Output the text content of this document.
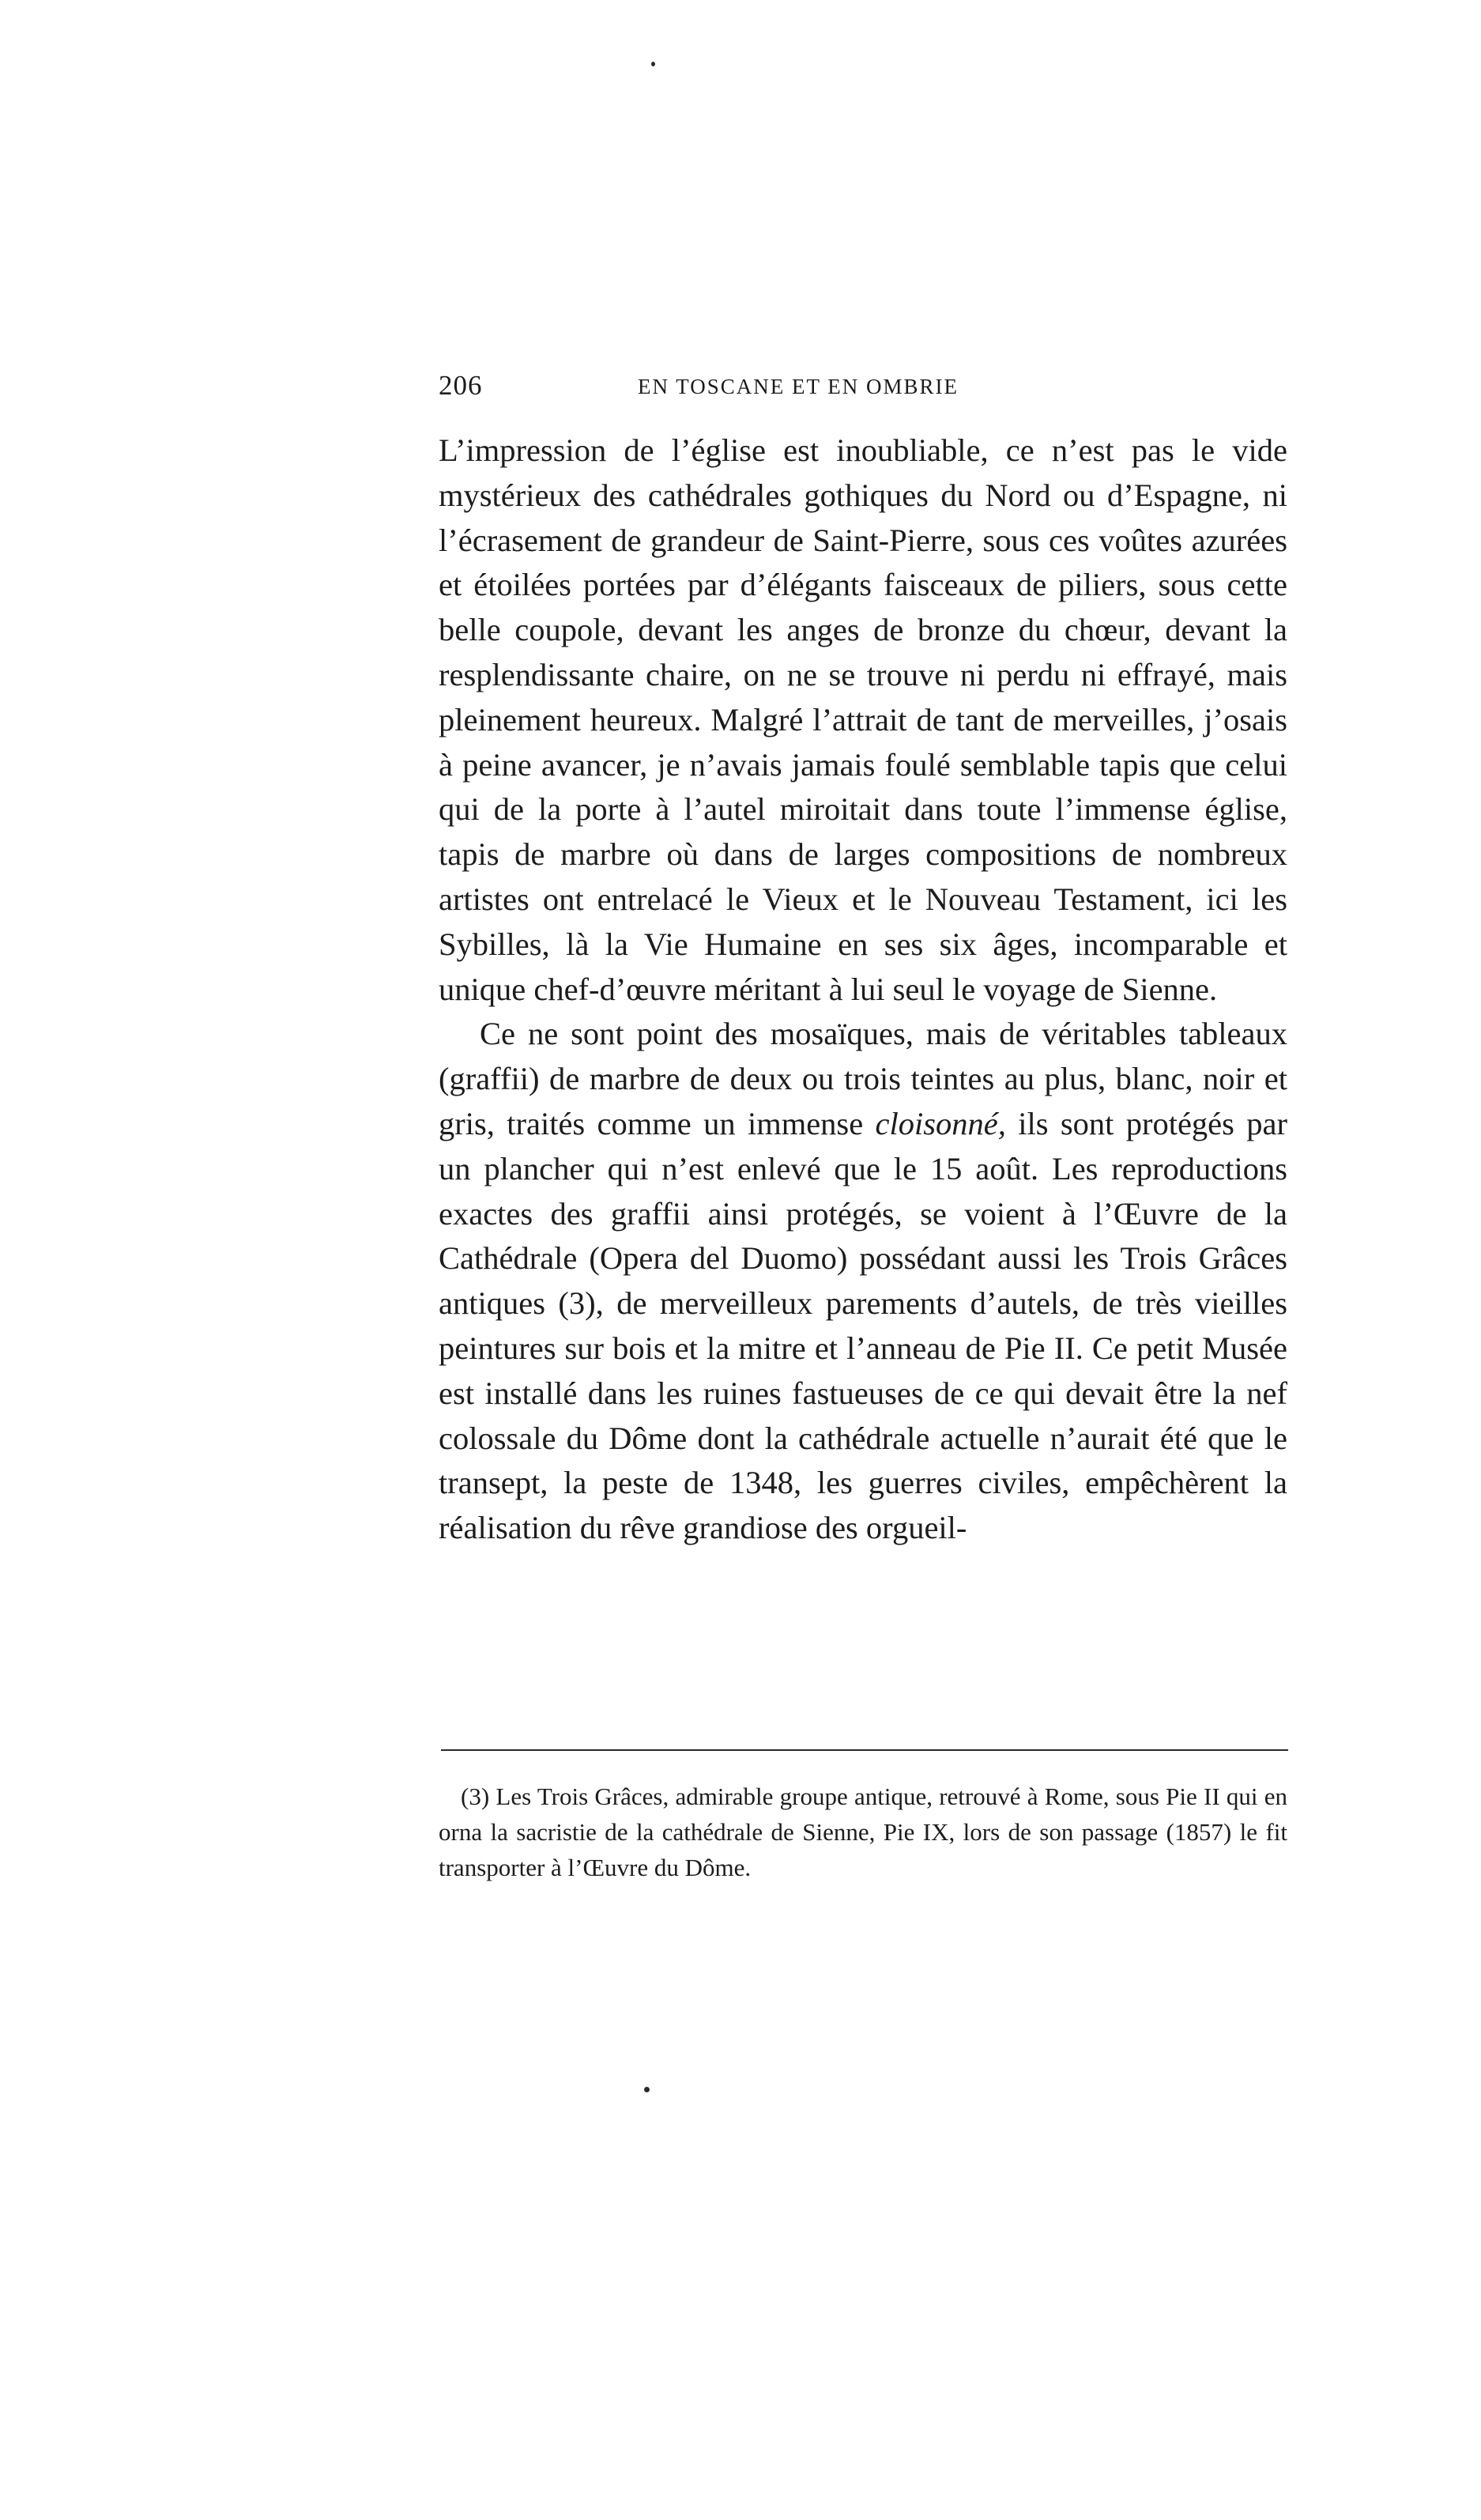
206	EN TOSCANE ET EN OMBRIE

L’impression de l’église est inoubliable, ce n’est pas le vide mystérieux des cathédrales gothiques du Nord ou d’Espagne, ni l’écrasement de grandeur de Saint-Pierre, sous ces voûtes azurées et étoilées portées par d’élégants faisceaux de piliers, sous cette belle coupole, devant les anges de bronze du chœur, devant la resplendissante chaire, on ne se trouve ni perdu ni effrayé, mais pleinement heureux. Malgré l’attrait de tant de merveilles, j’osais à peine avancer, je n’avais jamais foulé semblable tapis que celui qui de la porte à l’autel miroitait dans toute l’immense église, tapis de marbre où dans de larges compositions de nombreux artistes ont entrelacé le Vieux et le Nouveau Testament, ici les Sybilles, là la Vie Humaine en ses six âges, incomparable et unique chef-d’œuvre méritant à lui seul le voyage de Sienne.

Ce ne sont point des mosaïques, mais de véritables tableaux (graffii) de marbre de deux ou trois teintes au plus, blanc, noir et gris, traités comme un immense cloisonné, ils sont protégés par un plancher qui n’est enlevé que le 15 août. Les reproductions exactes des graffii ainsi protégés, se voient à l’Œuvre de la Cathédrale (Opera del Duomo) possédant aussi les Trois Grâces antiques (3), de merveilleux parements d’autels, de très vieilles peintures sur bois et la mitre et l’anneau de Pie II. Ce petit Musée est installé dans les ruines fastueuses de ce qui devait être la nef colossale du Dôme dont la cathédrale actuelle n’aurait été que le transept, la peste de 1348, les guerres civiles, empêchèrent la réalisation du rêve grandiose des orgueil-

(3) Les Trois Grâces, admirable groupe antique, retrouvé à Rome, sous Pie II qui en orna la sacristie de la cathédrale de Sienne, Pie IX, lors de son passage (1857) le fit transporter à l’Œuvre du Dôme.
